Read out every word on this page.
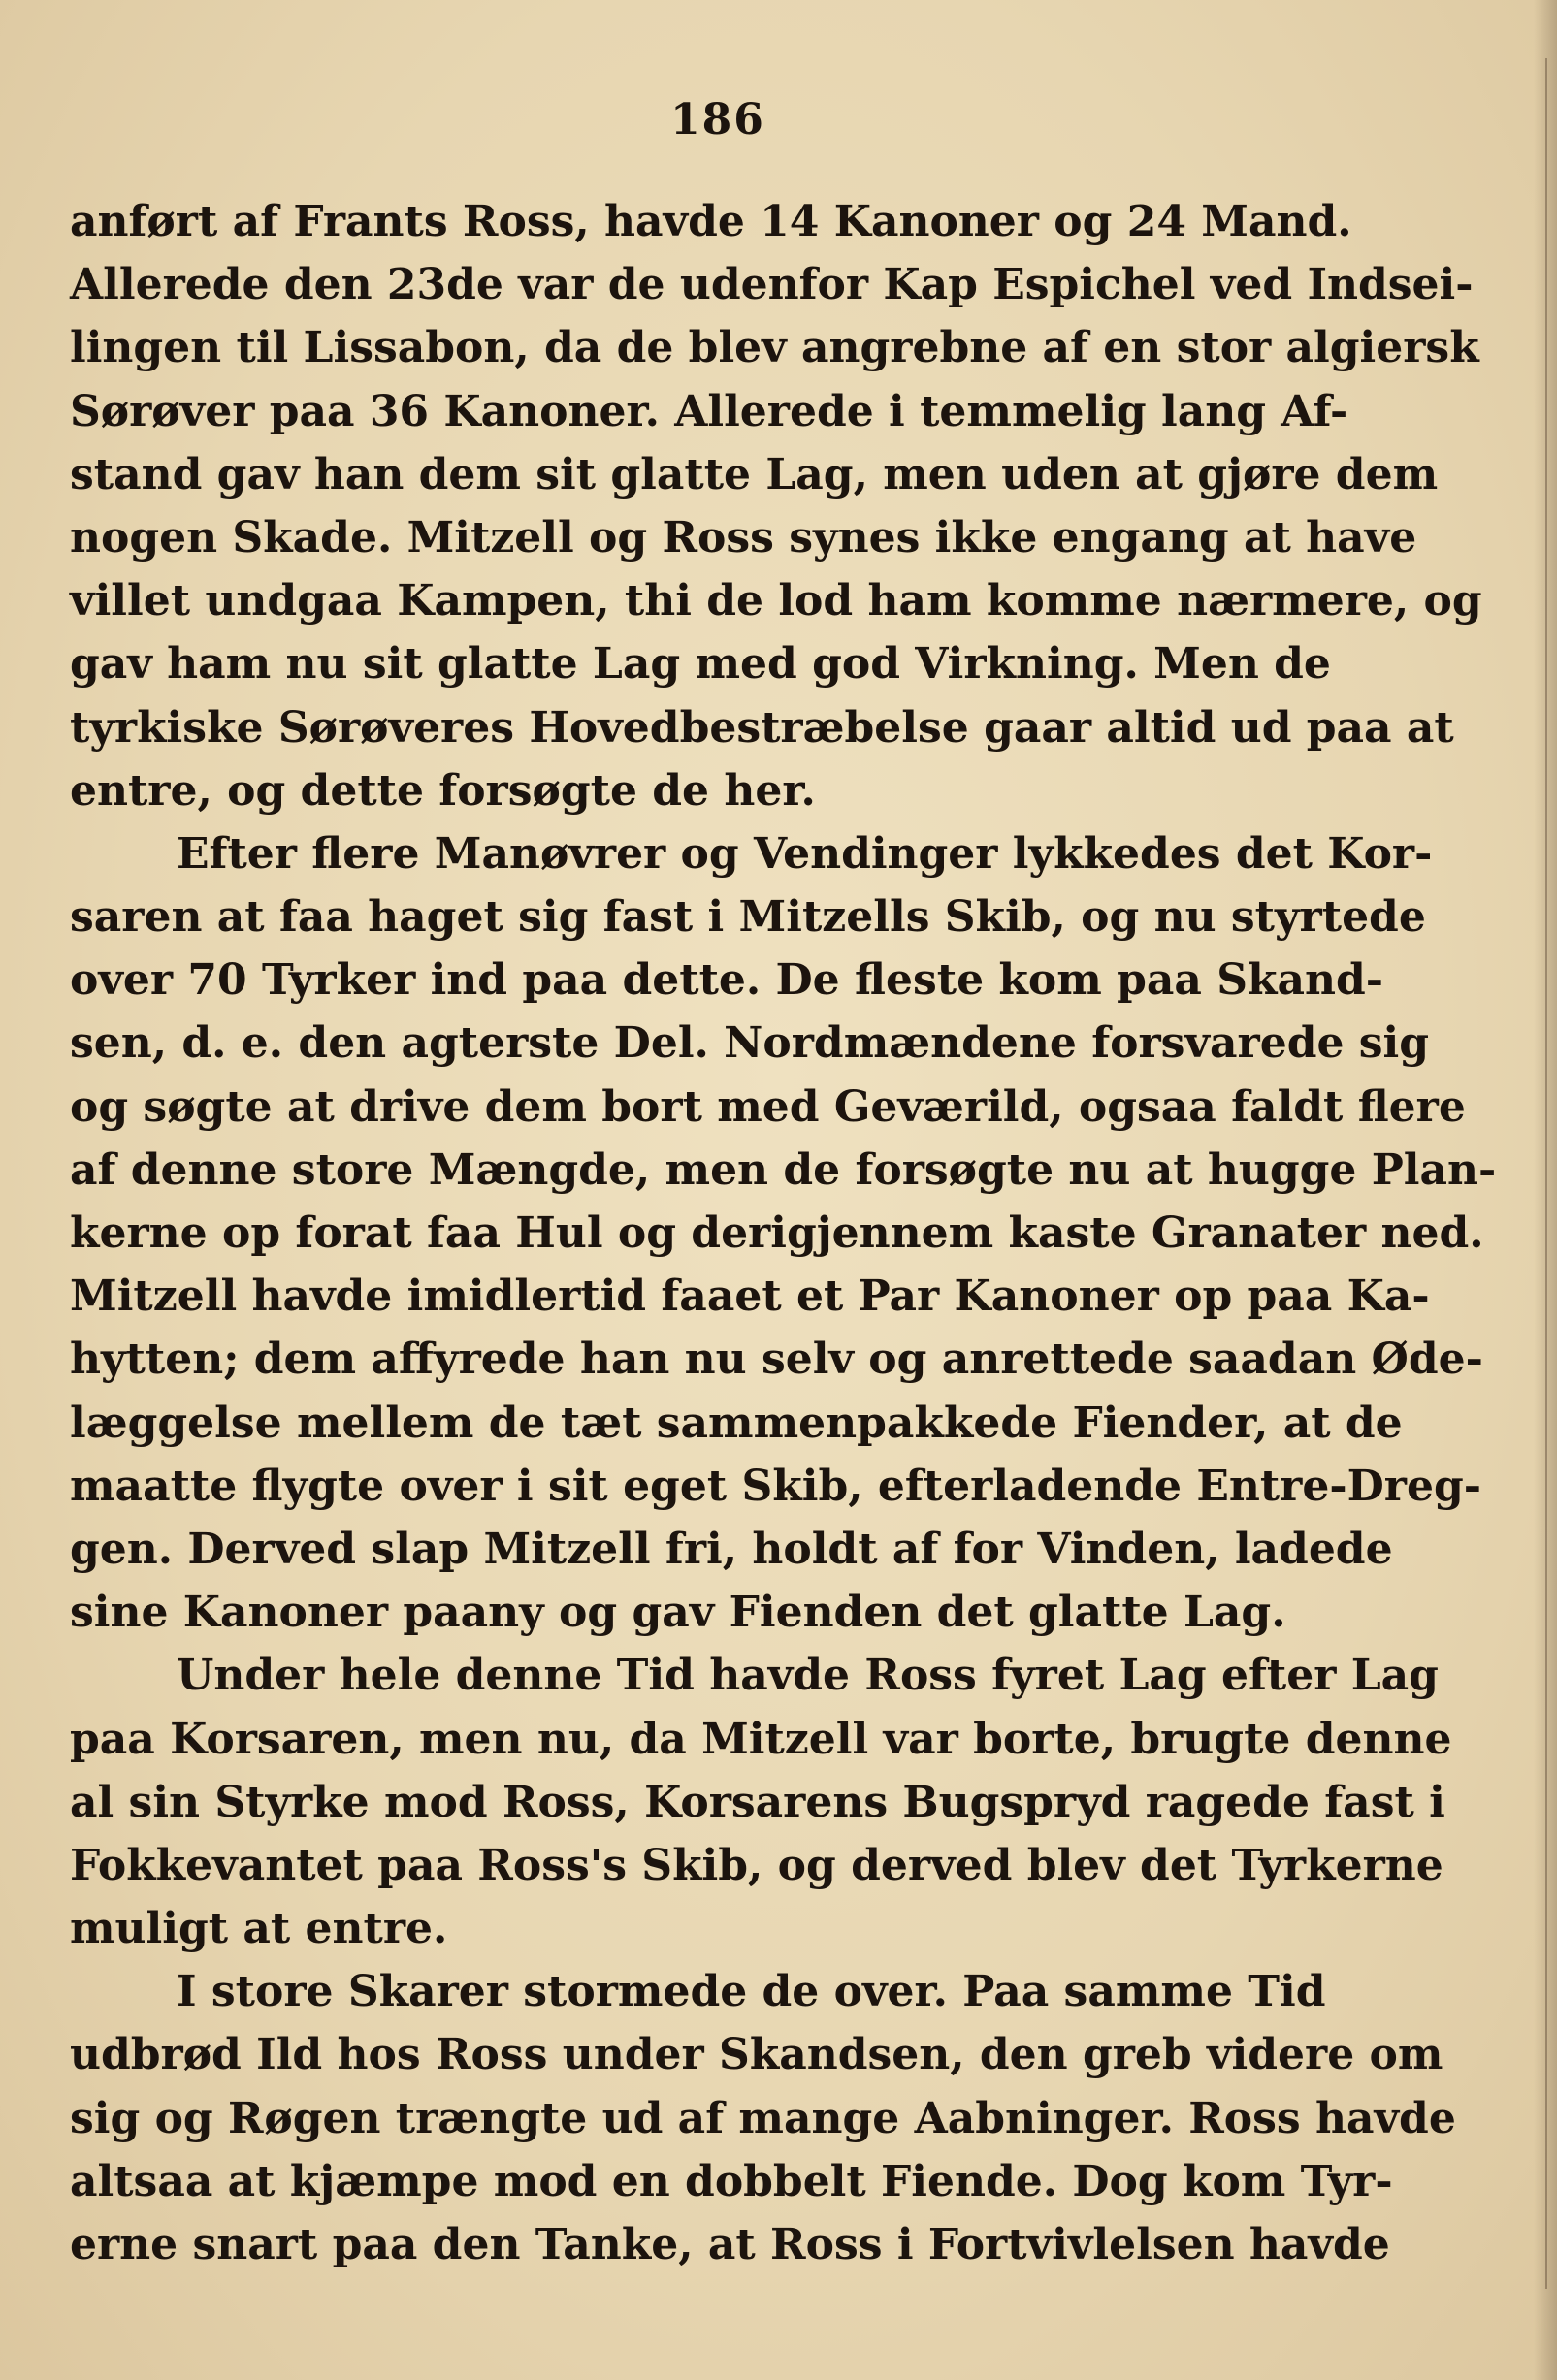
186
anført af Frants Ross, havde 14 Kanoner og 24 Mand.
Allerede den 23de var de udenfor Kap Espichel ved Indsei-
lingen til Lissabon, da de blev angrebne af en stor algiersk
Sørøver paa 36 Kanoner. Allerede i temmelig lang Af-
stand gav han dem sit glatte Lag, men uden at gjøre dem
nogen Skade. Mitzell og Ross synes ikke engang at have
villet undgaa Kampen, thi de lod ham komme nærmere, og
gav ham nu sit glatte Lag med god Virkning. Men de
tyrkiske Sørøveres Hovedbestræbelse gaar altid ud paa at
entre, og dette forsøgte de her.
Efter flere Manøvrer og Vendinger lykkedes det Kor-
saren at faa haget sig fast i Mitzells Skib, og nu styrtede
over 70 Tyrker ind paa dette. De fleste kom paa Skand-
sen, d. e. den agterste Del. Nordmændene forsvarede sig
og søgte at drive dem bort med Geværild, ogsaa faldt flere
af denne store Mængde, men de forsøgte nu at hugge Plan-
kerne op forat faa Hul og derigjennem kaste Granater ned.
Mitzell havde imidlertid faaet et Par Kanoner op paa Ka-
hytten; dem affyrede han nu selv og anrettede saadan Øde-
læggelse mellem de tæt sammenpakkede Fiender, at de
maatte flygte over i sit eget Skib, efterladende Entre-Dreg-
gen. Derved slap Mitzell fri, holdt af for Vinden, ladede
sine Kanoner paany og gav Fienden det glatte Lag.
Under hele denne Tid havde Ross fyret Lag efter Lag
paa Korsaren, men nu, da Mitzell var borte, brugte denne
al sin Styrke mod Ross, Korsarens Bugspryd ragede fast i
Fokkevantet paa Ross's Skib, og derved blev det Tyrkerne
muligt at entre.
I store Skarer stormede de over. Paa samme Tid
udbrød Ild hos Ross under Skandsen, den greb videre om
sig og Røgen trængte ud af mange Aabninger. Ross havde
altsaa at kjæmpe mod en dobbelt Fiende. Dog kom Tyr-
erne snart paa den Tanke, at Ross i Fortvivlelsen havde
